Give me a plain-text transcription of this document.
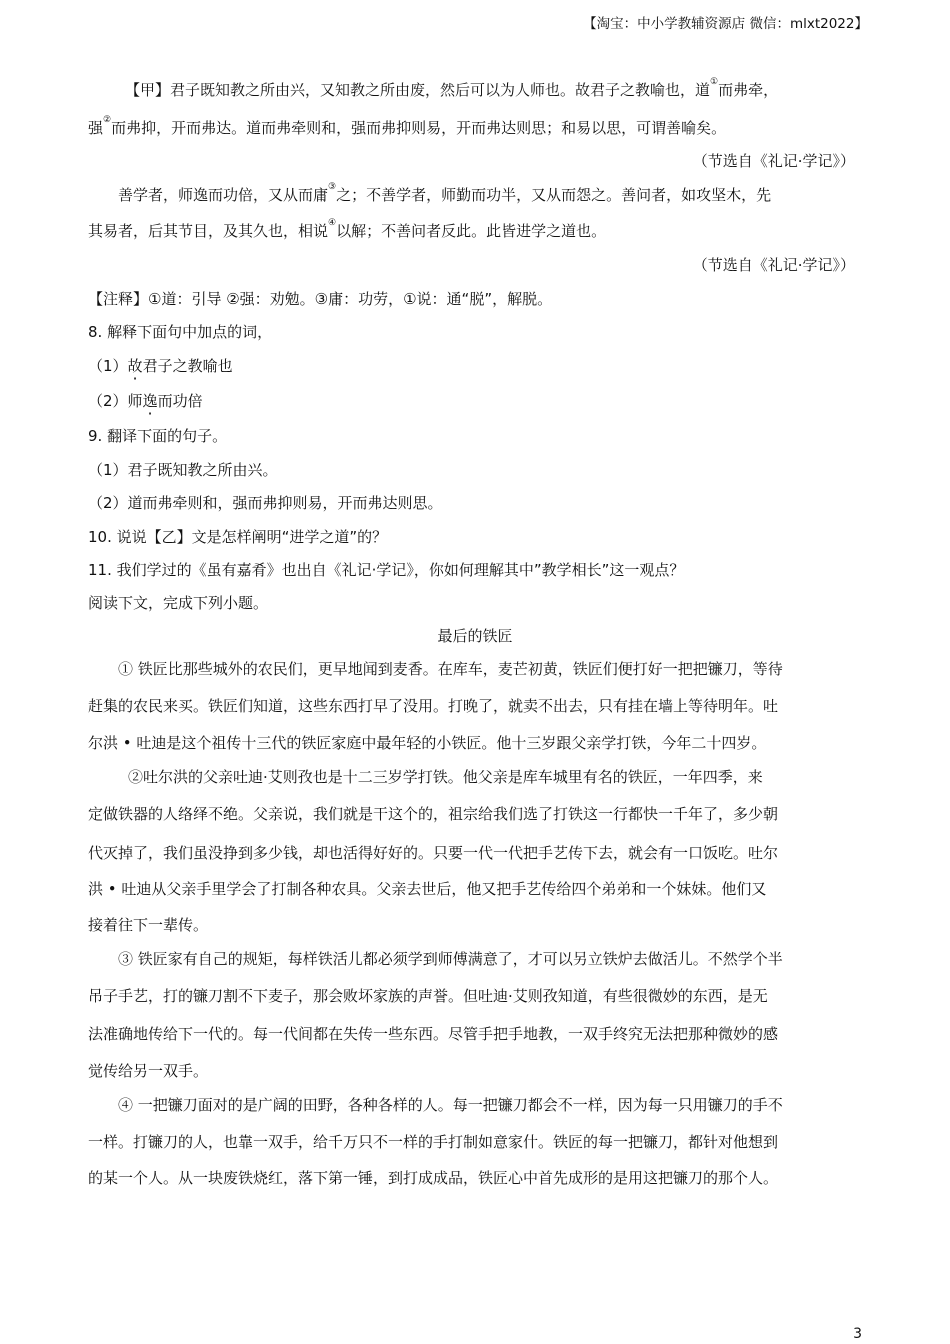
【淘宝：中小学教辅资源店 微信：mlxt2022】
【甲】君子既知教之所由兴，又知教之所由废，然后可以为人师也。故君子之教喻也，道①而弗牵，
强②而弗抑，开而弗达。道而弗牵则和，强而弗抑则易，开而弗达则思；和易以思，可谓善喻矣。
（节选自《礼记·学记》）
善学者，师逸而功倍，又从而庸③之；不善学者，师勤而功半，又从而怨之。善问者，如攻坚木，先
其易者，后其节目，及其久也，相说④以解；不善问者反此。此皆进学之道也。
（节选自《礼记·学记》）
【注释】①道：引导 ②强：劝勉。③庸：功劳，①说：通“脱”，解脱。
8. 解释下面句中加点的词，
（1）故君子之教喻也
（2）师逸而功倍
9. 翻译下面的句子。
（1）君子既知教之所由兴。
（2）道而弗牵则和，强而弗抑则易，开而弗达则思。
10. 说说【乙】文是怎样阐明“进学之道”的？
11. 我们学过的《虽有嘉肴》也出自《礼记·学记》，你如何理解其中”教学相长”这一观点？
阅读下文，完成下列小题。
最后的铁匠
① 铁匠比那些城外的农民们，更早地闻到麦香。在库车，麦芒初黄，铁匠们便打好一把把镰刀，等待
赶集的农民来买。铁匠们知道，这些东西打早了没用。打晚了，就卖不出去，只有挂在墙上等待明年。吐
尔洪 • 吐迪是这个祖传十三代的铁匠家庭中最年轻的小铁匠。他十三岁跟父亲学打铁，今年二十四岁。
②吐尔洪的父亲吐迪·艾则孜也是十二三岁学打铁。他父亲是库车城里有名的铁匠，一年四季，来
定做铁器的人络绎不绝。父亲说，我们就是干这个的，祖宗给我们选了打铁这一行都快一千年了，多少朝
代灭掉了，我们虽没挣到多少钱，却也活得好好的。只要一代一代把手艺传下去，就会有一口饭吃。吐尔
洪 • 吐迪从父亲手里学会了打制各种农具。父亲去世后，他又把手艺传给四个弟弟和一个妹妹。他们又
接着往下一辈传。
③ 铁匠家有自己的规矩，每样铁活儿都必须学到师傅满意了，才可以另立铁炉去做活儿。不然学个半
吊子手艺，打的镰刀割不下麦子，那会败坏家族的声誉。但吐迪·艾则孜知道，有些很微妙的东西，是无
法准确地传给下一代的。每一代间都在失传一些东西。尽管手把手地教，一双手终究无法把那种微妙的感
觉传给另一双手。
④ 一把镰刀面对的是广阔的田野，各种各样的人。每一把镰刀都会不一样，因为每一只用镰刀的手不
一样。打镰刀的人，也靠一双手，给千万只不一样的手打制如意家什。铁匠的每一把镰刀，都针对他想到
的某一个人。从一块废铁烧红，落下第一锤，到打成成品，铁匠心中首先成形的是用这把镰刀的那个人。
3
